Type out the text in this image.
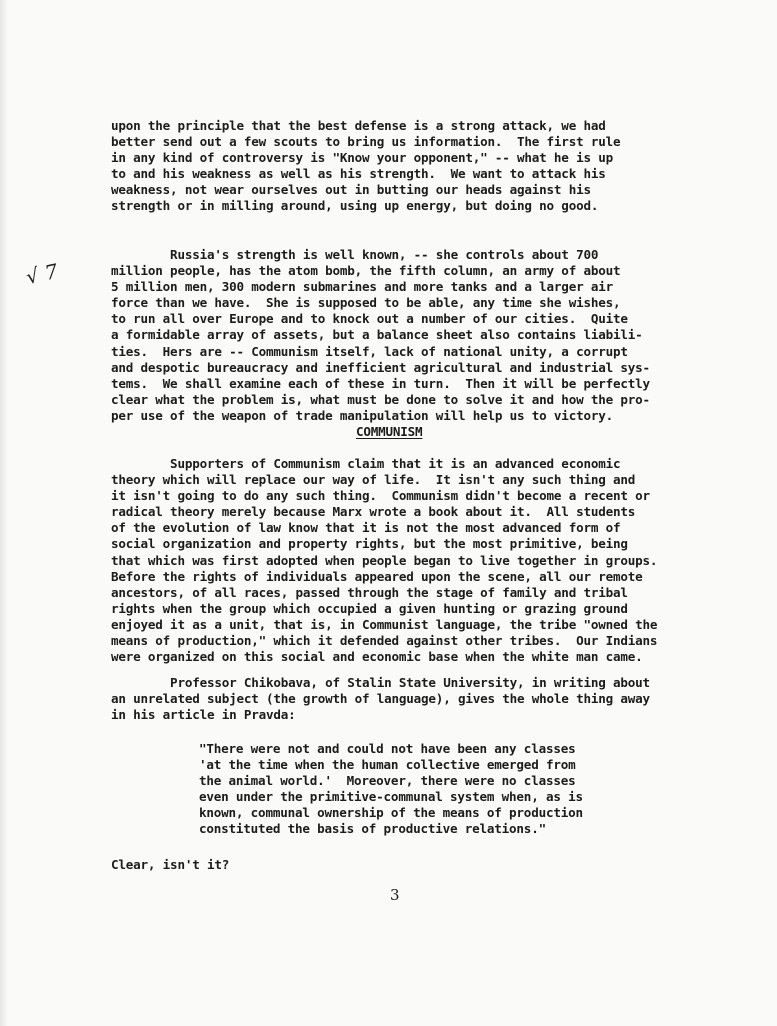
√ 7

upon the principle that the best defense is a strong attack, we had
better send out a few scouts to bring us information.  The first rule
in any kind of controversy is "Know your opponent," -- what he is up
to and his weakness as well as his strength.  We want to attack his
weakness, not wear ourselves out in butting our heads against his
strength or in milling around, using up energy, but doing no good.

Russia's strength is well known, -- she controls about 700
million people, has the atom bomb, the fifth column, an army of about
5 million men, 300 modern submarines and more tanks and a larger air
force than we have.  She is supposed to be able, any time she wishes,
to run all over Europe and to knock out a number of our cities.  Quite
a formidable array of assets, but a balance sheet also contains liabili-
ties.  Hers are -- Communism itself, lack of national unity, a corrupt
and despotic bureaucracy and inefficient agricultural and industrial sys-
tems.  We shall examine each of these in turn.  Then it will be perfectly
clear what the problem is, what must be done to solve it and how the pro-
per use of the weapon of trade manipulation will help us to victory.

COMMUNISM

Supporters of Communism claim that it is an advanced economic
theory which will replace our way of life.  It isn't any such thing and
it isn't going to do any such thing.  Communism didn't become a recent or
radical theory merely because Marx wrote a book about it.  All students
of the evolution of law know that it is not the most advanced form of
social organization and property rights, but the most primitive, being
that which was first adopted when people began to live together in groups.
Before the rights of individuals appeared upon the scene, all our remote
ancestors, of all races, passed through the stage of family and tribal
rights when the group which occupied a given hunting or grazing ground
enjoyed it as a unit, that is, in Communist language, the tribe "owned the
means of production," which it defended against other tribes.  Our Indians
were organized on this social and economic base when the white man came.

Professor Chikobava, of Stalin State University, in writing about
an unrelated subject (the growth of language), gives the whole thing away
in his article in Pravda:

"There were not and could not have been any classes
'at the time when the human collective emerged from
the animal world.'  Moreover, there were no classes
even under the primitive-communal system when, as is
known, communal ownership of the means of production
constituted the basis of productive relations."

Clear, isn't it?

3
